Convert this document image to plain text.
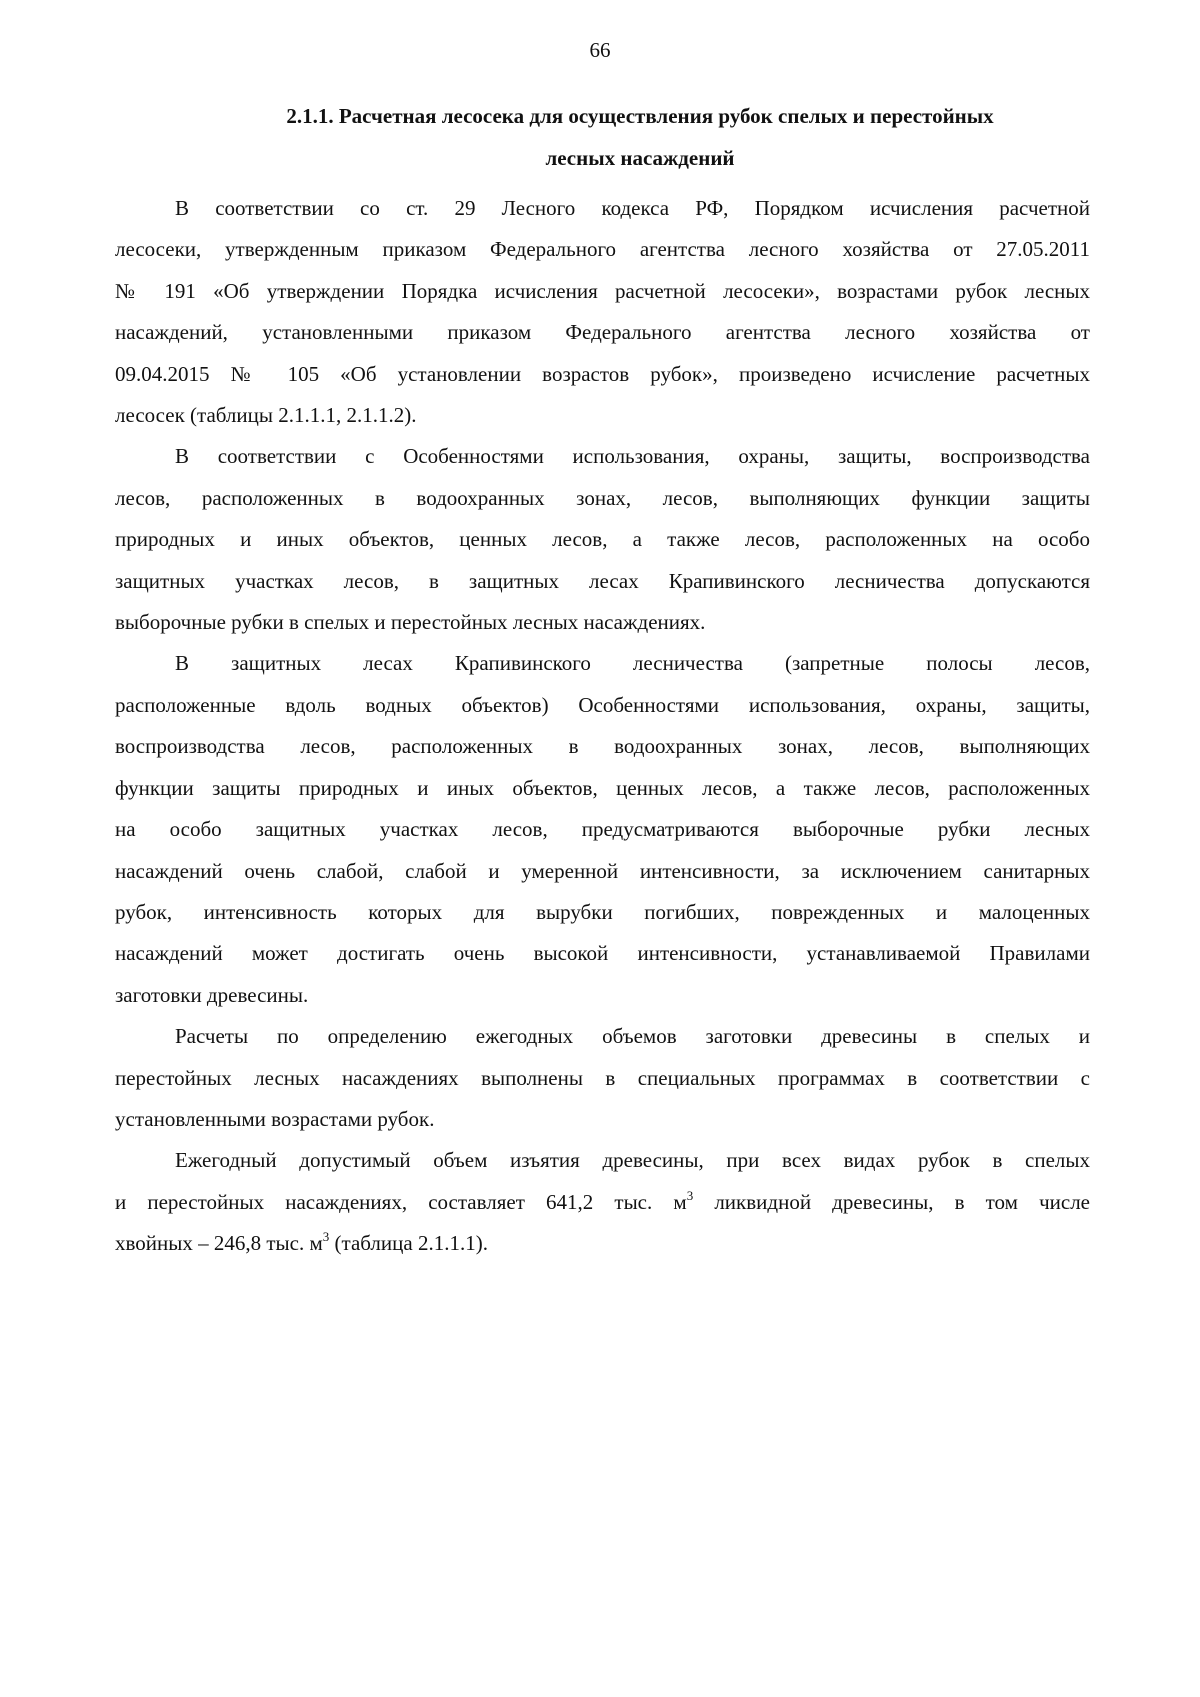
66
2.1.1. Расчетная лесосека для осуществления рубок спелых и перестойных
лесных насаждений
В соответствии со ст. 29 Лесного кодекса РФ, Порядком исчисления расчетной
лесосеки, утвержденным приказом Федерального агентства лесного хозяйства от 27.05.2011
№ 191 «Об утверждении Порядка исчисления расчетной лесосеки», возрастами рубок лесных
насаждений, установленными приказом Федерального агентства лесного хозяйства от
09.04.2015 № 105 «Об установлении возрастов рубок», произведено исчисление расчетных
лесосек (таблицы 2.1.1.1, 2.1.1.2).
В соответствии с Особенностями использования, охраны, защиты, воспроизводства
лесов, расположенных в водоохранных зонах, лесов, выполняющих функции защиты
природных и иных объектов, ценных лесов, а также лесов, расположенных на особо
защитных участках лесов, в защитных лесах Крапивинского лесничества допускаются
выборочные рубки в спелых и перестойных лесных насаждениях.
В защитных лесах Крапивинского лесничества (запретные полосы лесов,
расположенные вдоль водных объектов) Особенностями использования, охраны, защиты,
воспроизводства лесов, расположенных в водоохранных зонах, лесов, выполняющих
функции защиты природных и иных объектов, ценных лесов, а также лесов, расположенных
на особо защитных участках лесов, предусматриваются выборочные рубки лесных
насаждений очень слабой, слабой и умеренной интенсивности, за исключением санитарных
рубок, интенсивность которых для вырубки погибших, поврежденных и малоценных
насаждений может достигать очень высокой интенсивности, устанавливаемой Правилами
заготовки древесины.
Расчеты по определению ежегодных объемов заготовки древесины в спелых и
перестойных лесных насаждениях выполнены в специальных программах в соответствии с
установленными возрастами рубок.
Ежегодный допустимый объем изъятия древесины, при всех видах рубок в спелых
и перестойных насаждениях, составляет 641,2 тыс. $м^3$ ликвидной древесины, в том числе
хвойных – 246,8 тыс. $м^3$ (таблица 2.1.1.1).
